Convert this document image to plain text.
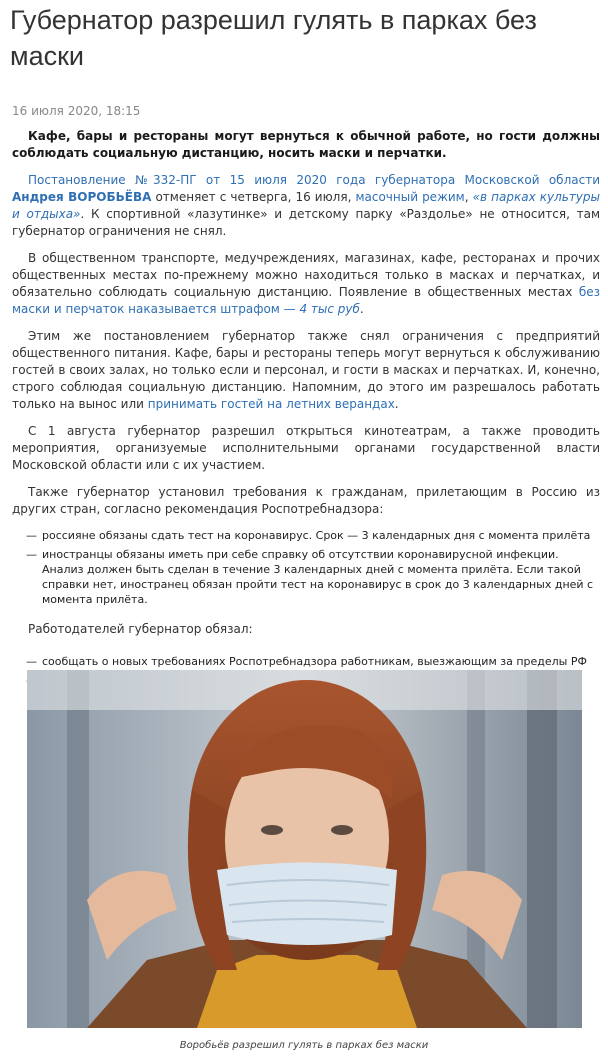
Губернатор разрешил гулять в парках без маски
16 июля 2020, 18:15

Кафе, бары и рестораны могут вернуться к обычной работе, но гости должны соблюдать социальную дистанцию, носить маски и перчатки.

Постановление №332-ПГ от 15 июля 2020 года губернатора Московской области Андрея ВОРОБЬЁВА отменяет с четверга, 16 июля, масочный режим, «в парках культуры и отдыха». К спортивной «лазутинке» и детскому парку «Раздолье» не относится, там губернатор ограничения не снял.

В общественном транспорте, медучреждениях, магазинах, кафе, ресторанах и прочих общественных местах по-прежнему можно находиться только в масках и перчатках, и обязательно соблюдать социальную дистанцию. Появление в общественных местах без маски и перчаток наказывается штрафом — 4 тыс руб.

Этим же постановлением губернатор также снял ограничения с предприятий общественного питания. Кафе, бары и рестораны теперь могут вернуться к обслуживанию гостей в своих залах, но только если и персонал, и гости в масках и перчатках. И, конечно, строго соблюдая социальную дистанцию. Напомним, до этого им разрешалось работать только на вынос или принимать гостей на летних верандах.

С 1 августа губернатор разрешил открыться кинотеатрам, а также проводить мероприятия, организуемые исполнительными органами государственной власти Московской области или с их участием.

Также губернатор установил требования к гражданам, прилетающим в Россию из других стран, согласно рекомендация Роспотребнадзора:

— россияне обязаны сдать тест на коронавирус. Срок — 3 календарных дня с момента прилёта
— иностранцы обязаны иметь при себе справку об отсутствии коронавирусной инфекции. Анализ должен быть сделан в течение 3 календарных дней с момента прилёта. Если такой справки нет, иностранец обязан пройти тест на коронавирус в срок до 3 календарных дней с момента прилёта.

Работодателей губернатор обязал:

— сообщать о новых требованиях Роспотребнадзора работникам, выезжающим за пределы РФ
Воробьёв разрешил гулять в парках без маски
